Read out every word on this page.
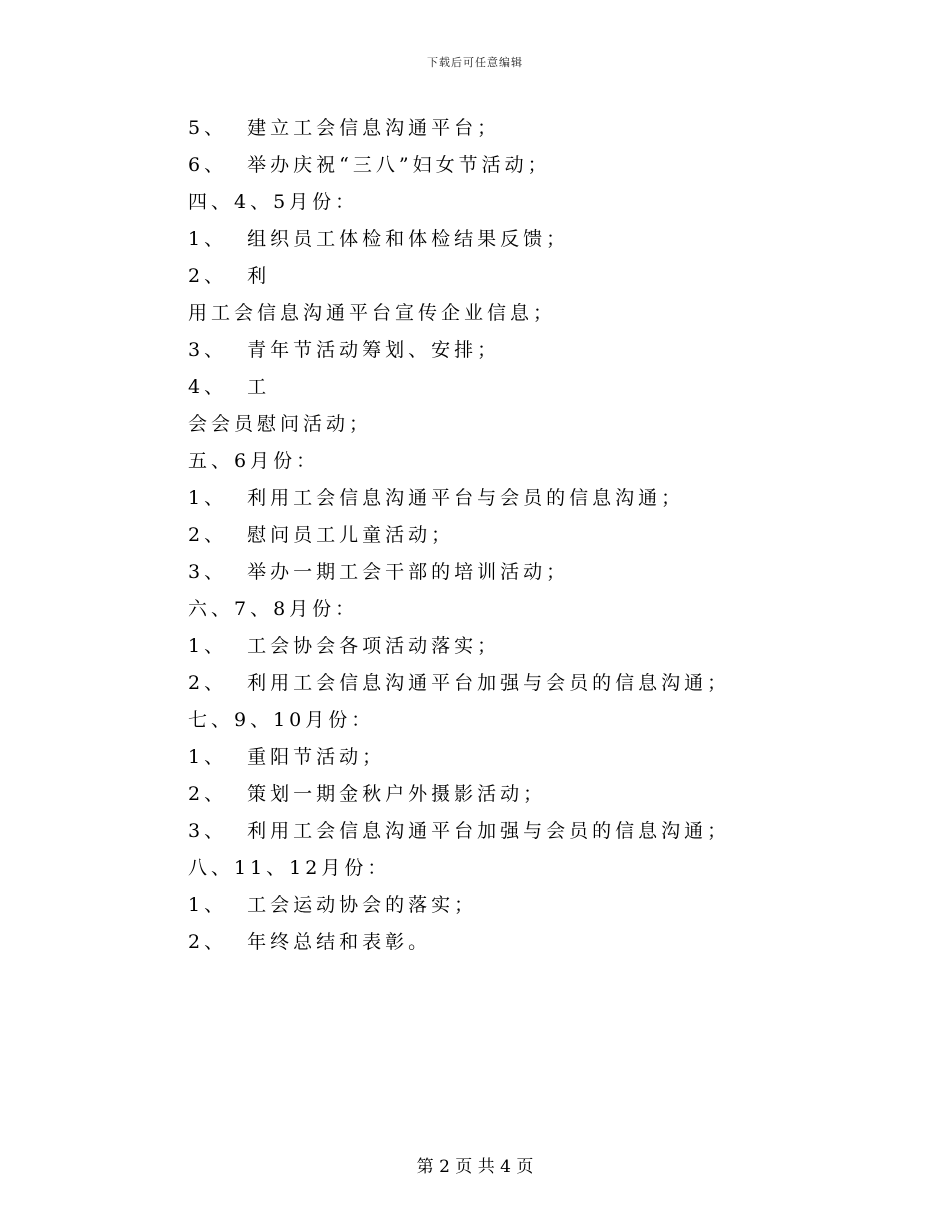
下载后可任意编辑
5、  建立工会信息沟通平台；
6、  举办庆祝“三八”妇女节活动；
四、4、5月份：
1、  组织员工体检和体检结果反馈；
2、  利
用工会信息沟通平台宣传企业信息；
3、  青年节活动筹划、安排；
4、  工
会会员慰问活动；
五、6月份：
1、  利用工会信息沟通平台与会员的信息沟通；
2、  慰问员工儿童活动；
3、  举办一期工会干部的培训活动；
六、7、8月份：
1、  工会协会各项活动落实；
2、  利用工会信息沟通平台加强与会员的信息沟通；
七、9、10月份：
1、  重阳节活动；
2、  策划一期金秋户外摄影活动；
3、  利用工会信息沟通平台加强与会员的信息沟通；
八、11、12月份：
1、  工会运动协会的落实；
2、  年终总结和表彰。
第 2 页 共 4 页
